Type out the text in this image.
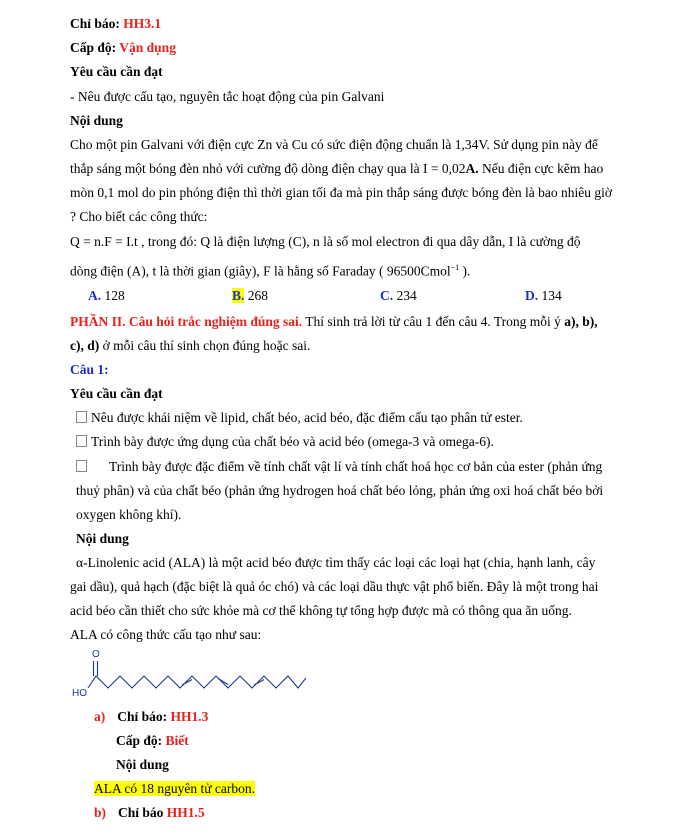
Chỉ báo: HH3.1
Cấp độ: Vận dụng
Yêu cầu cần đạt
- Nêu được cấu tạo, nguyên tắc hoạt động của pin Galvani
Nội dung
Cho một pin Galvani với điện cực Zn và Cu có sức điện động chuẩn là 1,34V. Sử dụng pin này để
thắp sáng một bóng đèn nhỏ với cường độ dòng điện chạy qua là I = 0,02A. Nếu điện cực kẽm hao
mòn 0,1 mol do pin phóng điện thì thời gian tối đa mà pin thắp sáng được bóng đèn là bao nhiêu giờ
? Cho biết các công thức:
Q = n.F = I.t , trong đó: Q là điện lượng (C), n là số mol electron đi qua dây dẫn, I là cường độ
dòng điện (A), t là thời gian (giây), F là hằng số Faraday ( 96500Cmol$^{-1}$ ).
A. 128	B. 268	C. 234	D. 134
PHẦN II. Câu hỏi trắc nghiệm đúng sai. Thí sinh trả lời từ câu 1 đến câu 4. Trong mỗi ý a), b),
c), d) ở mỗi câu thí sinh chọn đúng hoặc sai.
Câu 1:
Yêu cầu cần đạt
Nêu được khái niệm về lipid, chất béo, acid béo, đặc điểm cấu tạo phân tử ester.
Trình bày được ứng dụng của chất béo và acid béo (omega-3 và omega-6).
Trình bày được đặc điểm về tính chất vật lí và tính chất hoá học cơ bản của ester (phản ứng
thuỷ phân) và của chất béo (phản ứng hydrogen hoá chất béo lỏng, phản ứng oxi hoá chất béo bởi
oxygen không khí).
Nội dung
α-Linolenic acid (ALA) là một acid béo được tìm thấy các loại các loại hạt (chia, hạnh lanh, cây
gai dầu), quả hạch (đặc biệt là quả óc chó) và các loại dầu thực vật phổ biến. Đây là một trong hai
acid béo cần thiết cho sức khỏe mà cơ thể không tự tổng hợp được mà có thông qua ăn uống.
ALA có công thức cấu tạo như sau:
O
HO
a) Chỉ báo: HH1.3
Cấp độ: Biết
Nội dung
ALA có 18 nguyên tử carbon.
b) Chỉ báo HH1.5
